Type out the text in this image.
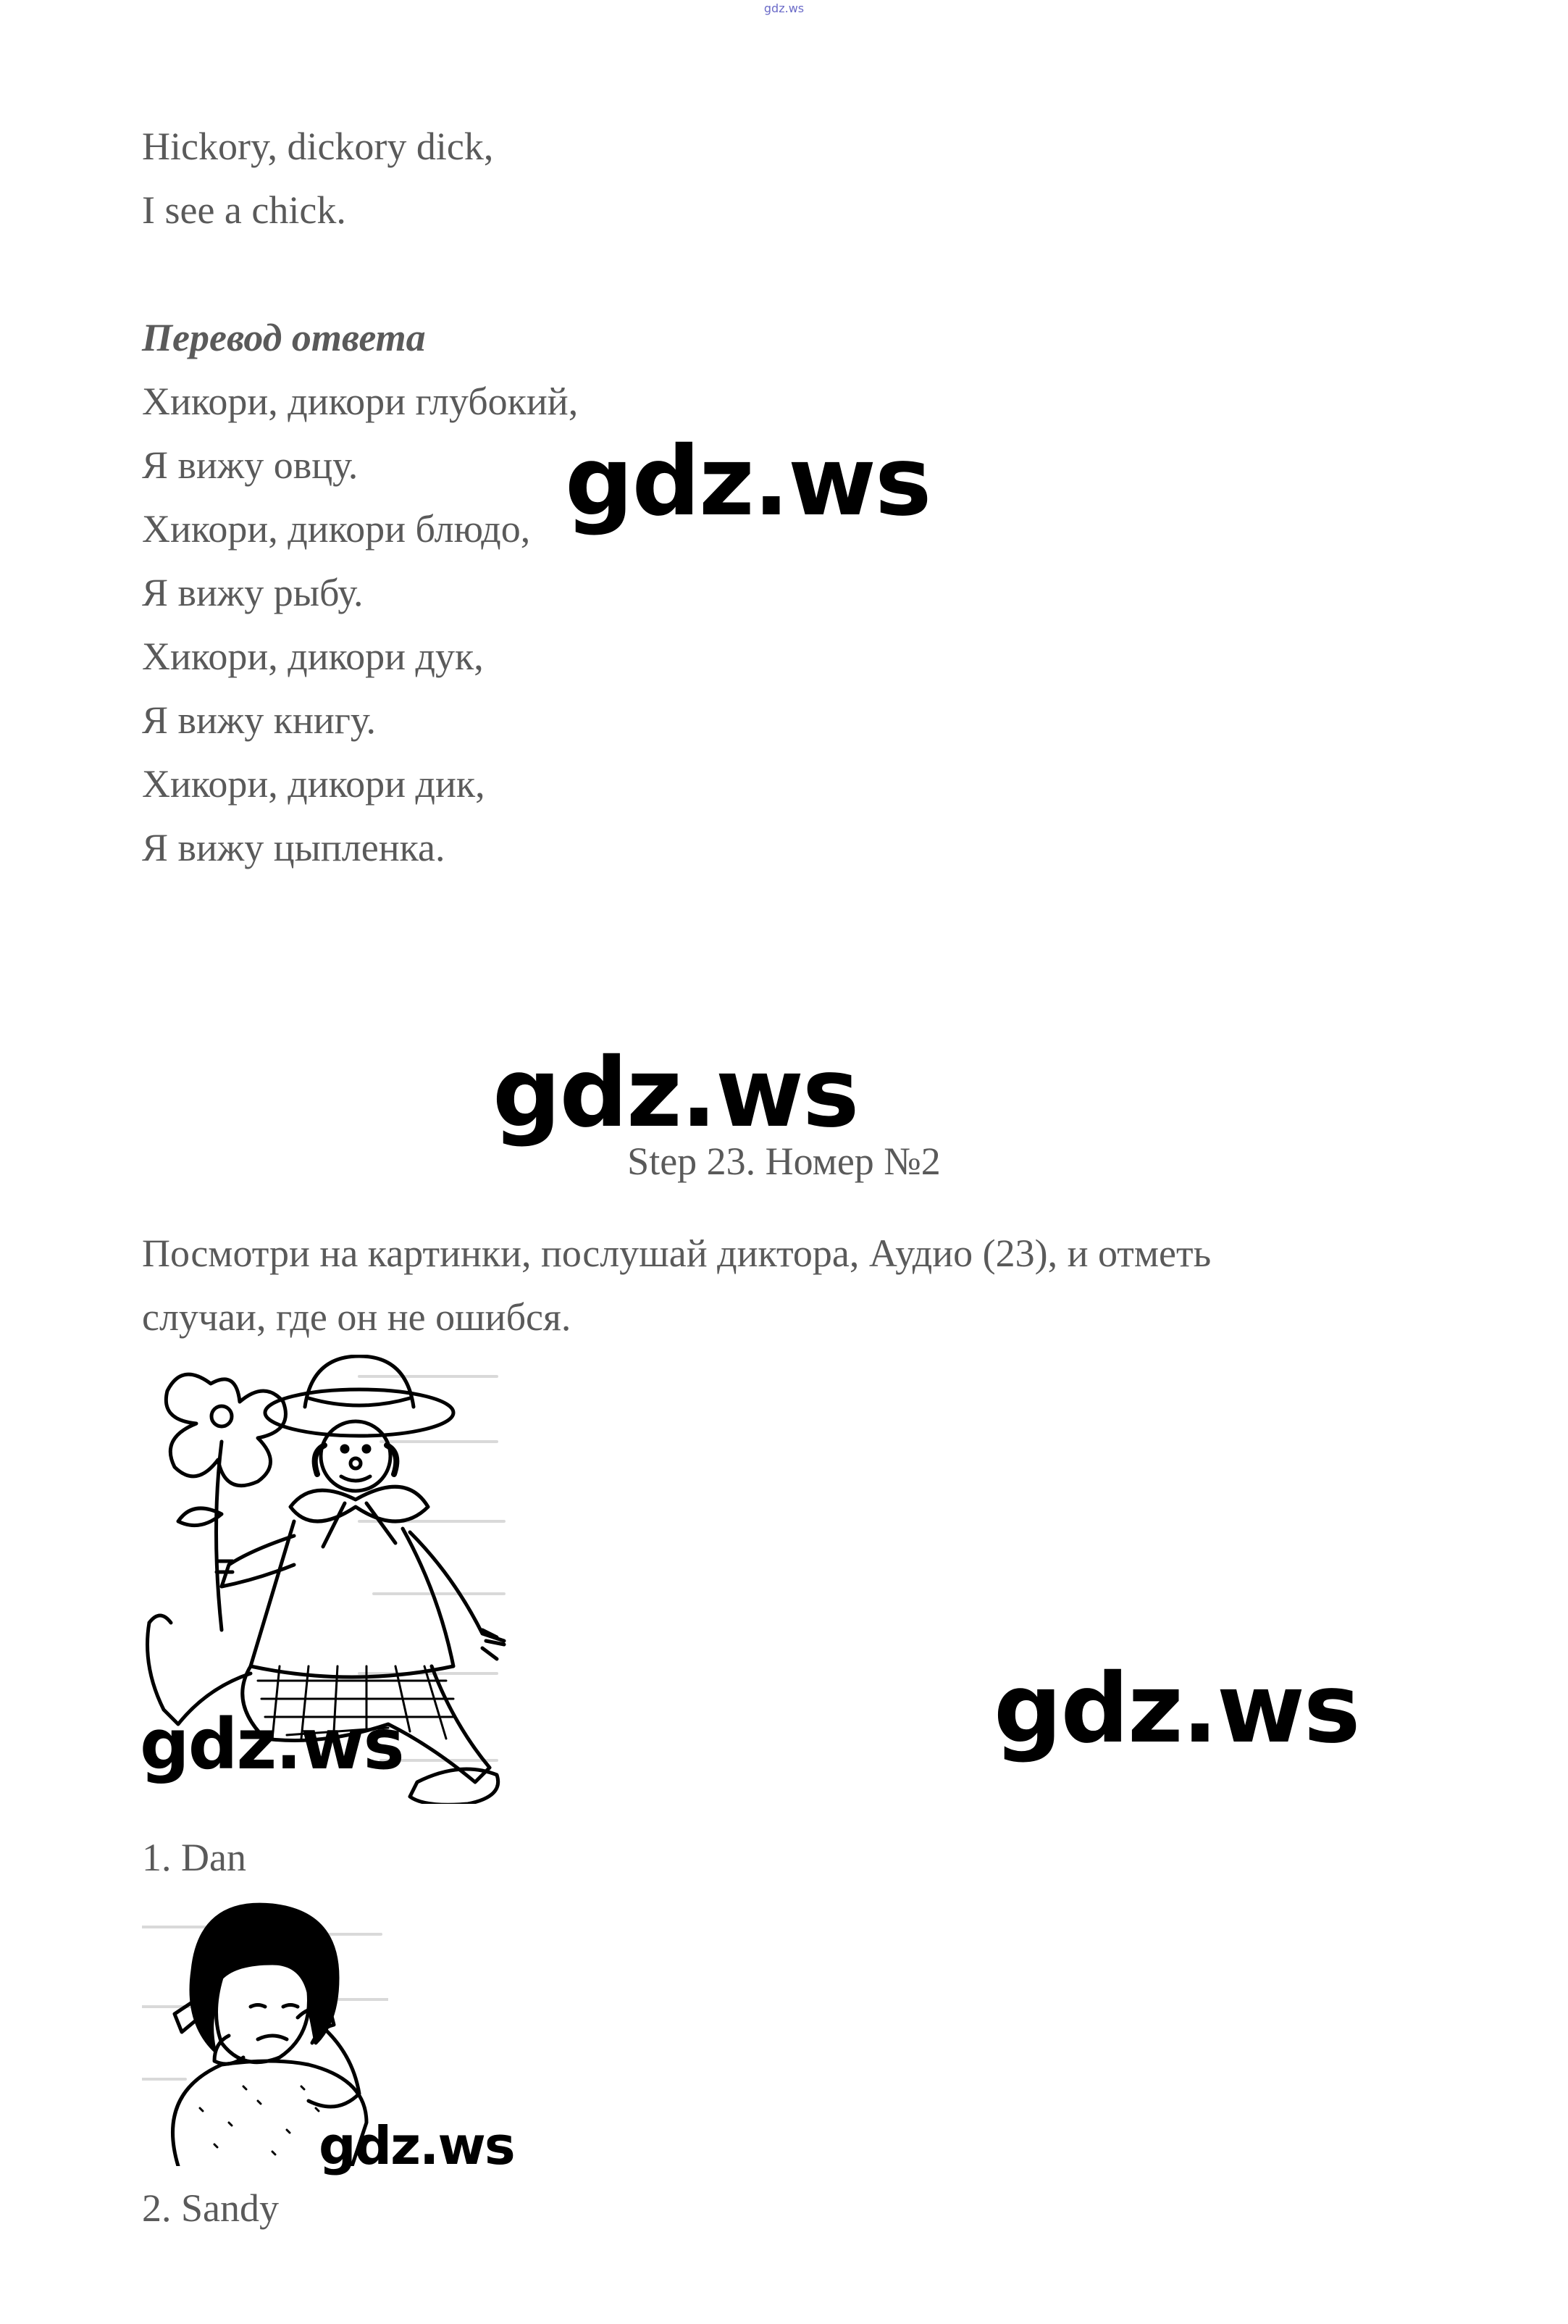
gdz.ws
Hickory, dickory dick,
I see a chick.
Перевод ответа
Хикори, дикори глубокий,
Я вижу овцу.
Хикори, дикори блюдо,
Я вижу рыбу.
Хикори, дикори дук,
Я вижу книгу.
Хикори, дикори дик,
Я вижу цыпленка.
gdz.ws
gdz.ws
Step 23. Номер №2
Посмотри на картинки, послушай диктора, Аудио (23), и отметь
случаи, где он не ошибся.
gdz.ws	gdz.ws
1. Dan
gdz.ws
2. Sandy
